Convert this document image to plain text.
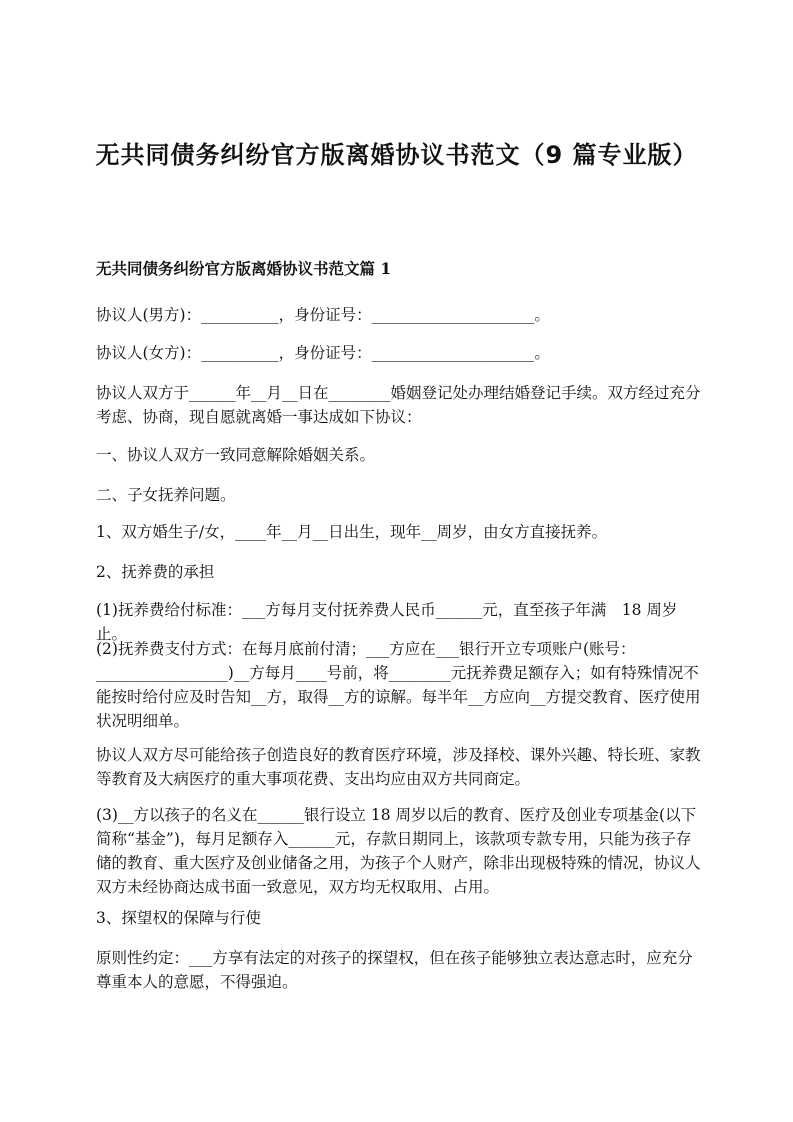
无共同债务纠纷官方版离婚协议书范文（9 篇专业版）
无共同债务纠纷官方版离婚协议书范文篇 1

协议人(男方)：__________，身份证号：_____________________。

协议人(女方)：__________，身份证号：_____________________。

协议人双方于______年__月__日在________婚姻登记处办理结婚登记手续。双方经过充分考虑、协商，现自愿就离婚一事达成如下协议：

一、协议人双方一致同意解除婚姻关系。

二、子女抚养问题。

1、双方婚生子/女，____年__月__日出生，现年__周岁，由女方直接抚养。

2、抚养费的承担

(1)抚养费给付标准：___方每月支付抚养费人民币______元，直至孩子年满　18 周岁止。

(2)抚养费支付方式：在每月底前付清；___方应在___银行开立专项账户(账号：_________________)__方每月____号前，将________元抚养费足额存入；如有特殊情况不能按时给付应及时告知__方，取得__方的谅解。每半年__方应向__方提交教育、医疗使用状况明细单。

协议人双方尽可能给孩子创造良好的教育医疗环境，涉及择校、课外兴趣、特长班、家教等教育及大病医疗的重大事项花费、支出均应由双方共同商定。

(3)__方以孩子的名义在______银行设立 18 周岁以后的教育、医疗及创业专项基金(以下简称“基金”)，每月足额存入______元，存款日期同上，该款项专款专用，只能为孩子存储的教育、重大医疗及创业储备之用，为孩子个人财产，除非出现极特殊的情况，协议人双方未经协商达成书面一致意见，双方均无权取用、占用。

3、探望权的保障与行使

原则性约定：___方享有法定的对孩子的探望权，但在孩子能够独立表达意志时，应充分尊重本人的意愿，不得强迫。
